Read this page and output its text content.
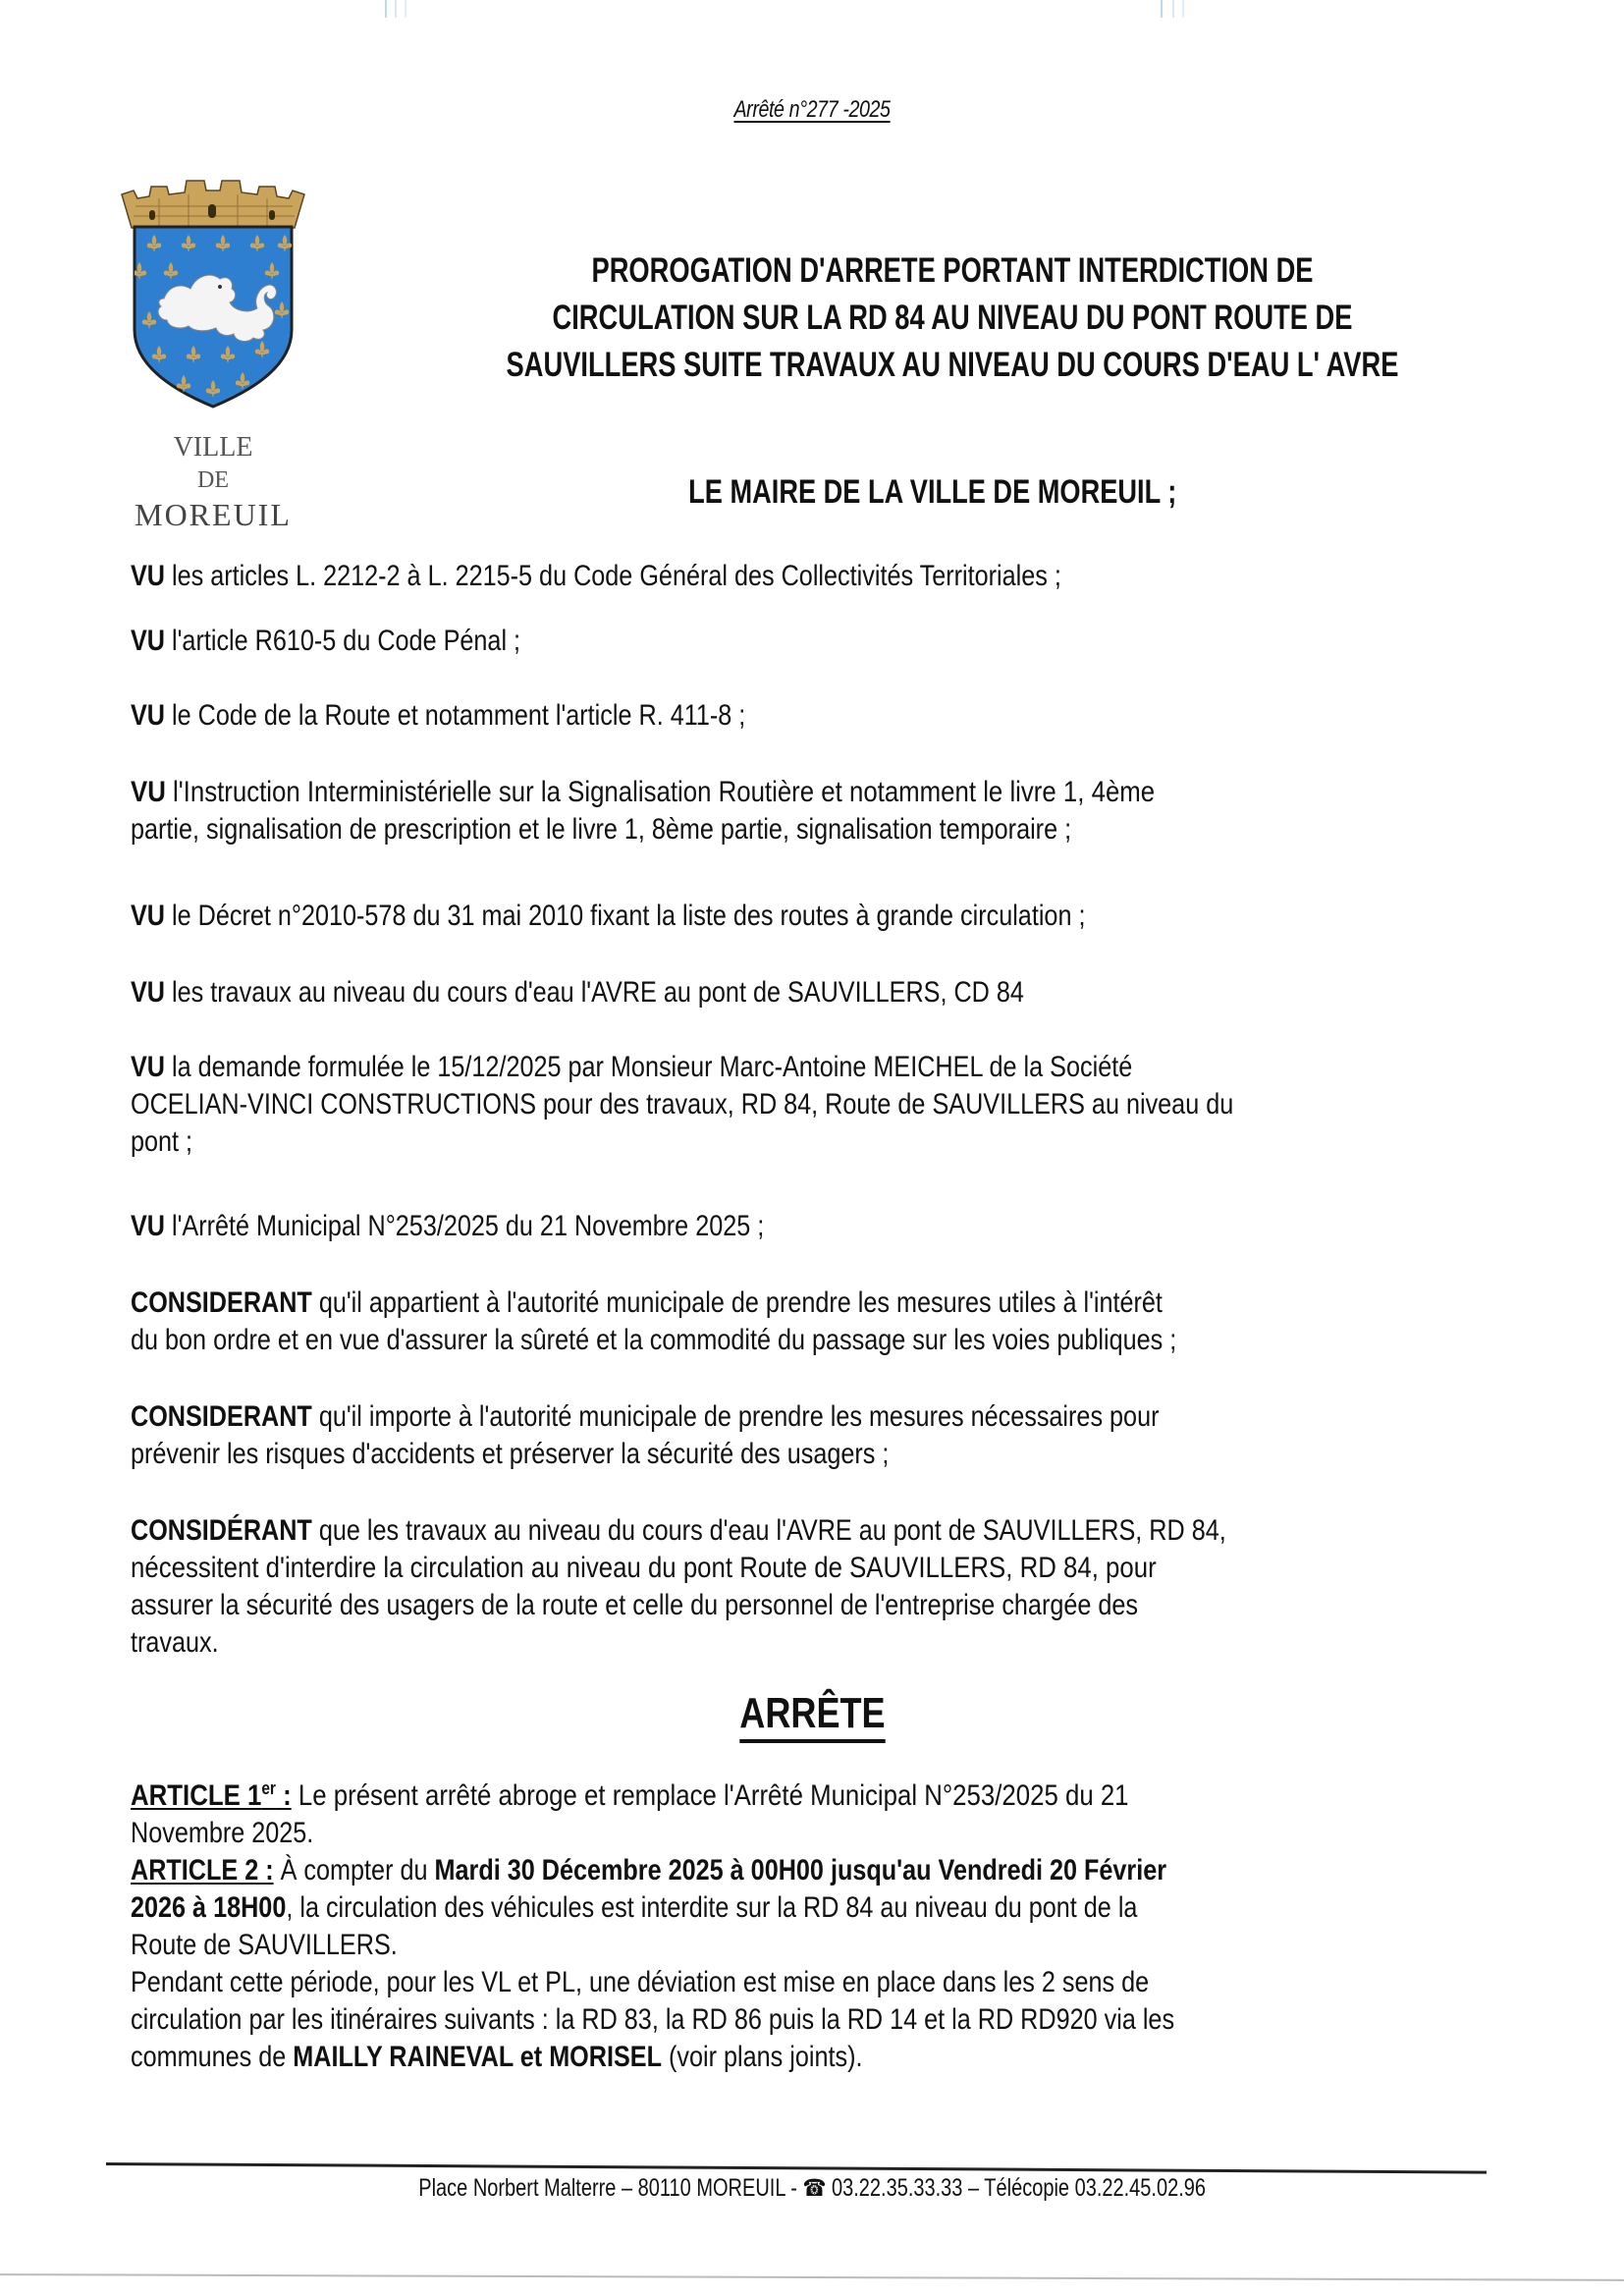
Arrêté n°277 -2025
VILLE
DE
MOREUIL
PROROGATION D'ARRETE PORTANT INTERDICTION DE
CIRCULATION SUR LA RD 84 AU NIVEAU DU PONT ROUTE DE
SAUVILLERS SUITE TRAVAUX AU NIVEAU DU COURS D'EAU L' AVRE
LE MAIRE DE LA VILLE DE MOREUIL ;
VU les articles L. 2212-2 à L. 2215-5 du Code Général des Collectivités Territoriales ;
VU l'article R610-5 du Code Pénal ;
VU le Code de la Route et notamment l'article R. 411-8 ;
VU l'Instruction Interministérielle sur la Signalisation Routière et notamment le livre 1, 4ème
partie, signalisation de prescription et le livre 1, 8ème partie, signalisation temporaire ;
VU le Décret n°2010-578 du 31 mai 2010 fixant la liste des routes à grande circulation ;
VU les travaux au niveau du cours d'eau l'AVRE au pont de SAUVILLERS, CD 84
VU la demande formulée le 15/12/2025 par Monsieur Marc-Antoine MEICHEL de la Société
OCELIAN-VINCI CONSTRUCTIONS pour des travaux, RD 84, Route de SAUVILLERS au niveau du
pont ;
VU l'Arrêté Municipal N°253/2025 du 21 Novembre 2025 ;
CONSIDERANT qu'il appartient à l'autorité municipale de prendre les mesures utiles à l'intérêt
du bon ordre et en vue d'assurer la sûreté et la commodité du passage sur les voies publiques ;
CONSIDERANT qu'il importe à l'autorité municipale de prendre les mesures nécessaires pour
prévenir les risques d'accidents et préserver la sécurité des usagers ;
CONSIDÉRANT que les travaux au niveau du cours d'eau l'AVRE au pont de SAUVILLERS, RD 84,
nécessitent d'interdire la circulation au niveau du pont Route de SAUVILLERS, RD 84, pour
assurer la sécurité des usagers de la route et celle du personnel de l'entreprise chargée des
travaux.
ARTICLE 1er : Le présent arrêté abroge et remplace l'Arrêté Municipal N°253/2025 du 21
Novembre 2025.
ARTICLE 2 : À compter du Mardi 30 Décembre 2025 à 00H00 jusqu'au Vendredi 20 Février
2026 à 18H00, la circulation des véhicules est interdite sur la RD 84 au niveau du pont de la
Route de SAUVILLERS.
Pendant cette période, pour les VL et PL, une déviation est mise en place dans les 2 sens de
circulation par les itinéraires suivants : la RD 83, la RD 86 puis la RD 14 et la RD RD920 via les
communes de MAILLY RAINEVAL et MORISEL (voir plans joints).
ARRÊTE
Place Norbert Malterre – 80110 MOREUIL - ☎ 03.22.35.33.33 – Télécopie 03.22.45.02.96
